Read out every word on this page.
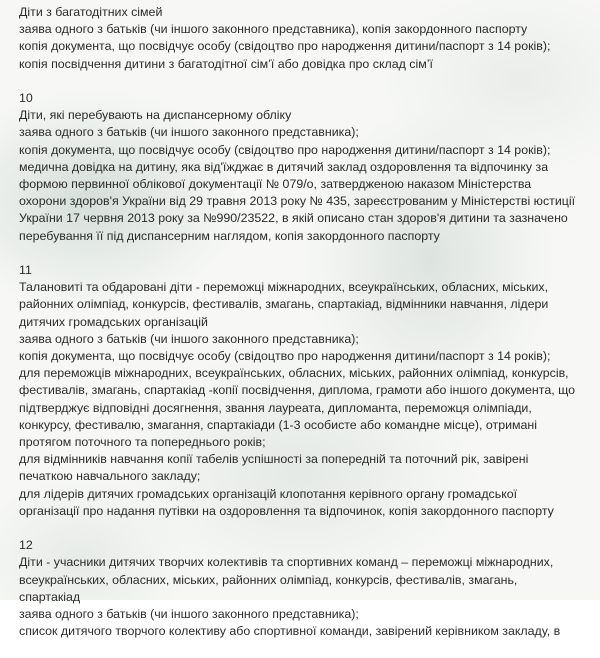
Діти з багатодітних сімей
заява одного з батьків (чи іншого законного представника), копія закордонного паспорту
копія документа, що посвідчує особу (свідоцтво про народження дитини/паспорт з 14 років);
копія посвідчення дитини з багатодітної сім’ї або довідка про склад сім’ї
10
Діти, які перебувають на диспансерному обліку
заява одного з батьків (чи іншого законного представника);
копія документа, що посвідчує особу (свідоцтво про народження дитини/паспорт з 14 років);
медична довідка на дитину, яка від'їжджає в дитячий заклад оздоровлення та відпочинку за
формою первинної облікової документації № 079/о, затвердженою наказом Міністерства
охорони здоров'я України від 29 травня 2013 року № 435, зареєстрованим у Міністерстві юстиції
України 17 червня 2013 року за №990/23522, в якій описано стан здоров'я дитини та зазначено
перебування її під диспансерним наглядом, копія закордонного паспорту
11
Талановиті та обдаровані діти - переможці міжнародних, всеукраїнських, обласних, міських,
районних олімпіад, конкурсів, фестивалів, змагань, спартакіад, відмінники навчання, лідери
дитячих громадських організацій
заява одного з батьків (чи іншого законного представника);
копія документа, що посвідчує особу (свідоцтво про народження дитини/паспорт з 14 років);
для переможців міжнародних, всеукраїнських, обласних, міських, районних олімпіад, конкурсів,
фестивалів, змагань, спартакіад -копії посвідчення, диплома, грамоти або іншого документа, що
підтверджує відповідні досягнення, звання лауреата, дипломанта, переможця олімпіади,
конкурсу, фестивалю, змагання, спартакіади (1-3 особисте або командне місце), отримані
протягом поточного та попереднього років;
для відмінників навчання копії табелів успішності за попередній та поточний рік, завірені
печаткою навчального закладу;
для лідерів дитячих громадських організацій клопотання керівного органу громадської
організації про надання путівки на оздоровлення та відпочинок, копія закордонного паспорту
12
Діти - учасники дитячих творчих колективів та спортивних команд – переможці міжнародних,
всеукраїнських, обласних, міських, районних олімпіад, конкурсів, фестивалів, змагань,
спартакіад
заява одного з батьків (чи іншого законного представника);
список дитячого творчого колективу або спортивної команди, завірений керівником закладу, в
